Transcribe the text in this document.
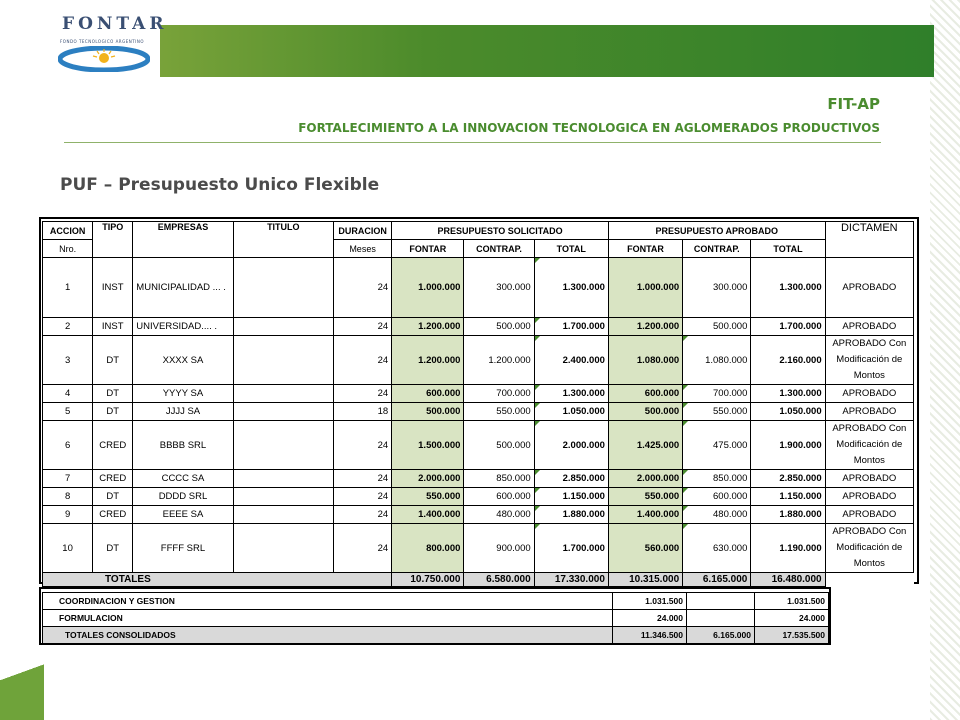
FONTAR
FONDO TECNOLOGICO ARGENTINO
FIT-AP
FORTALECIMIENTO A LA INNOVACION TECNOLOGICA EN AGLOMERADOS PRODUCTIVOS
PUF – Presupuesto Unico Flexible
ACCION	TIPO	EMPRESAS	TITULO	DURACION	PRESUPUESTO SOLICITADO			PRESUPUESTO APROBADO			DICTAMEN
Nro.				Meses	FONTAR	CONTRAP.	TOTAL	FONTAR	CONTRAP.	TOTAL	
1	INST	MUNICIPALIDAD ... .		24	1.000.000	300.000	1.300.000	1.000.000	300.000	1.300.000	APROBADO
2	INST	UNIVERSIDAD.... .		24	1.200.000	500.000	1.700.000	1.200.000	500.000	1.700.000	APROBADO
3	DT	XXXX SA		24	1.200.000	1.200.000	2.400.000	1.080.000	1.080.000	2.160.000	APROBADO Con Modificación de Montos
4	DT	YYYY SA		24	600.000	700.000	1.300.000	600.000	700.000	1.300.000	APROBADO
5	DT	JJJJ SA		18	500.000	550.000	1.050.000	500.000	550.000	1.050.000	APROBADO
6	CRED	BBBB SRL		24	1.500.000	500.000	2.000.000	1.425.000	475.000	1.900.000	APROBADO Con Modificación de Montos
7	CRED	CCCC SA		24	2.000.000	850.000	2.850.000	2.000.000	850.000	2.850.000	APROBADO
8	DT	DDDD SRL		24	550.000	600.000	1.150.000	550.000	600.000	1.150.000	APROBADO
9	CRED	EEEE SA		24	1.400.000	480.000	1.880.000	1.400.000	480.000	1.880.000	APROBADO
10	DT	FFFF SRL		24	800.000	900.000	1.700.000	560.000	630.000	1.190.000	APROBADO Con Modificación de Montos
TOTALES					10.750.000	6.580.000	17.330.000	10.315.000	6.165.000	16.480.000	
COORDINACION Y GESTION	1.031.500		1.031.500
FORMULACION	24.000		24.000
TOTALES CONSOLIDADOS	11.346.500	6.165.000	17.535.500
